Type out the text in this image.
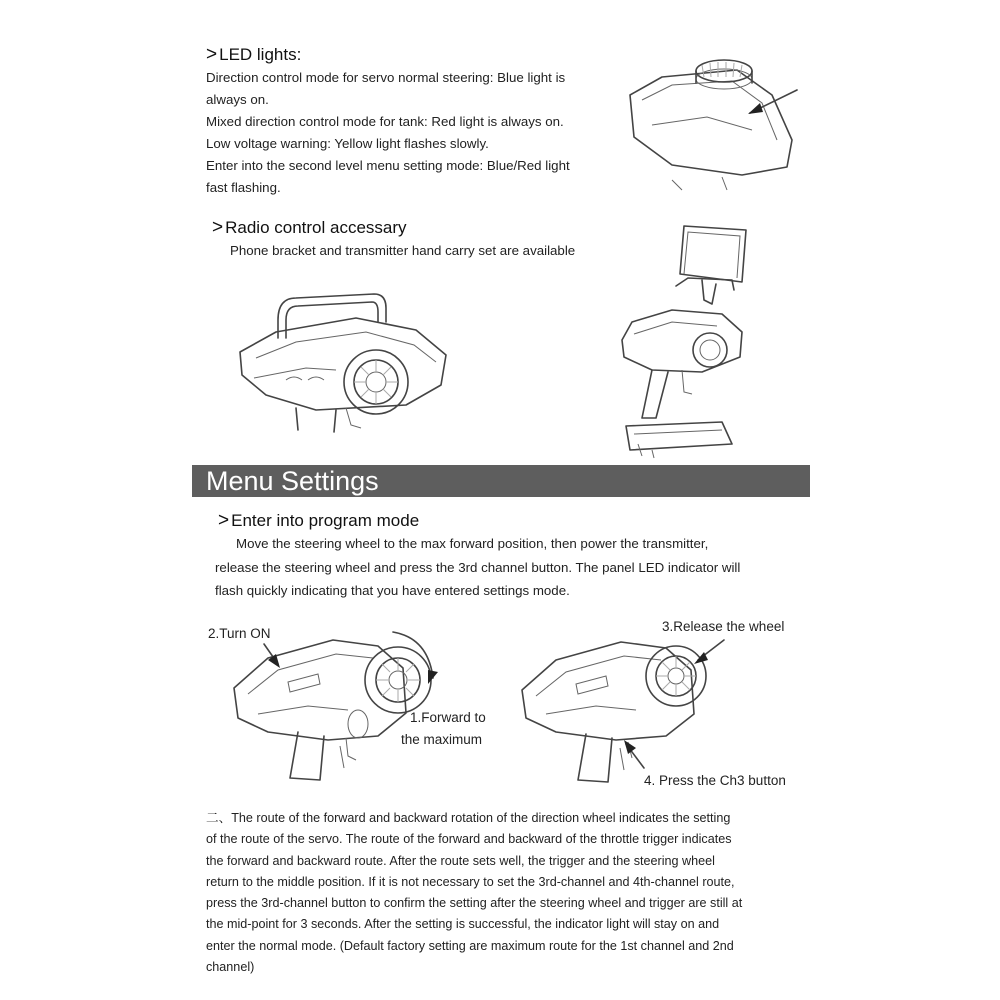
> LED lights:
Direction control mode for servo normal steering: Blue light is
always on.
Mixed direction control mode for tank: Red light is always on.
Low voltage warning: Yellow light flashes slowly.
Enter into the second level menu setting mode: Blue/Red light
fast flashing.
> Radio control accessary
Phone bracket and transmitter hand carry set are available
Menu Settings
> Enter into program mode
Move the steering wheel to the max forward position, then power the transmitter,
release the steering wheel and press the 3rd channel button. The panel LED indicator will
flash quickly indicating that you have entered settings mode.
2.Turn ON
1.Forward to
the maximum
3.Release the wheel
4. Press the Ch3 button
二、The route of the forward and backward rotation of the direction wheel indicates the setting
of the route of the servo. The route of the forward and backward of the throttle trigger indicates
the forward and backward route. After the route sets well, the trigger and the steering wheel
return to the middle position. If it is not necessary to set the 3rd-channel and 4th-channel route,
press the 3rd-channel button to confirm the setting after the steering wheel and trigger are still at
the mid-point for 3 seconds. After the setting is successful, the indicator light will stay on and
enter the normal mode. (Default factory setting are maximum route for the 1st channel and 2nd
channel)
